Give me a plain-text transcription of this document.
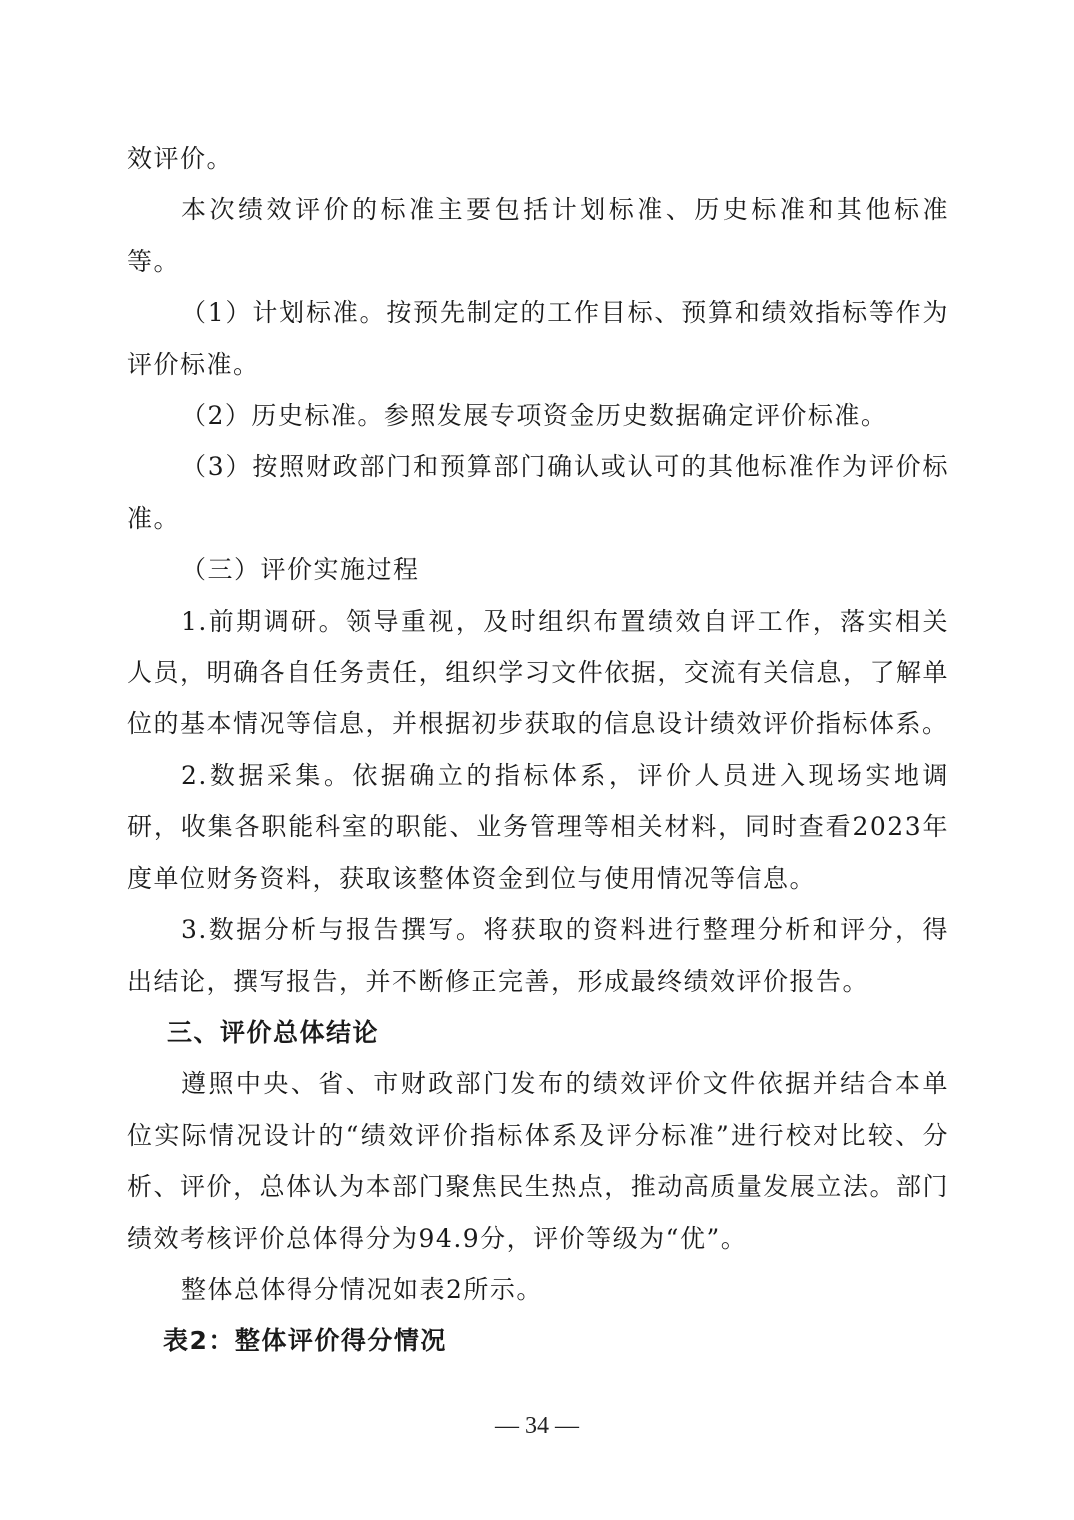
效评价。

本次绩效评价的标准主要包括计划标准、历史标准和其他标准等。

（1）计划标准。按预先制定的工作目标、预算和绩效指标等作为评价标准。

（2）历史标准。参照发展专项资金历史数据确定评价标准。

（3）按照财政部门和预算部门确认或认可的其他标准作为评价标准。

（三）评价实施过程

1.前期调研。领导重视，及时组织布置绩效自评工作，落实相关人员，明确各自任务责任，组织学习文件依据，交流有关信息，了解单位的基本情况等信息，并根据初步获取的信息设计绩效评价指标体系。

2.数据采集。依据确立的指标体系，评价人员进入现场实地调研，收集各职能科室的职能、业务管理等相关材料，同时查看2023年度单位财务资料，获取该整体资金到位与使用情况等信息。

3.数据分析与报告撰写。将获取的资料进行整理分析和评分，得出结论，撰写报告，并不断修正完善，形成最终绩效评价报告。

三、评价总体结论

遵照中央、省、市财政部门发布的绩效评价文件依据并结合本单位实际情况设计的“绩效评价指标体系及评分标准”进行校对比较、分析、评价，总体认为本部门聚焦民生热点，推动高质量发展立法。部门绩效考核评价总体得分为94.9分，评价等级为“优”。

整体总体得分情况如表2所示。

表2：整体评价得分情况

— 34 —
